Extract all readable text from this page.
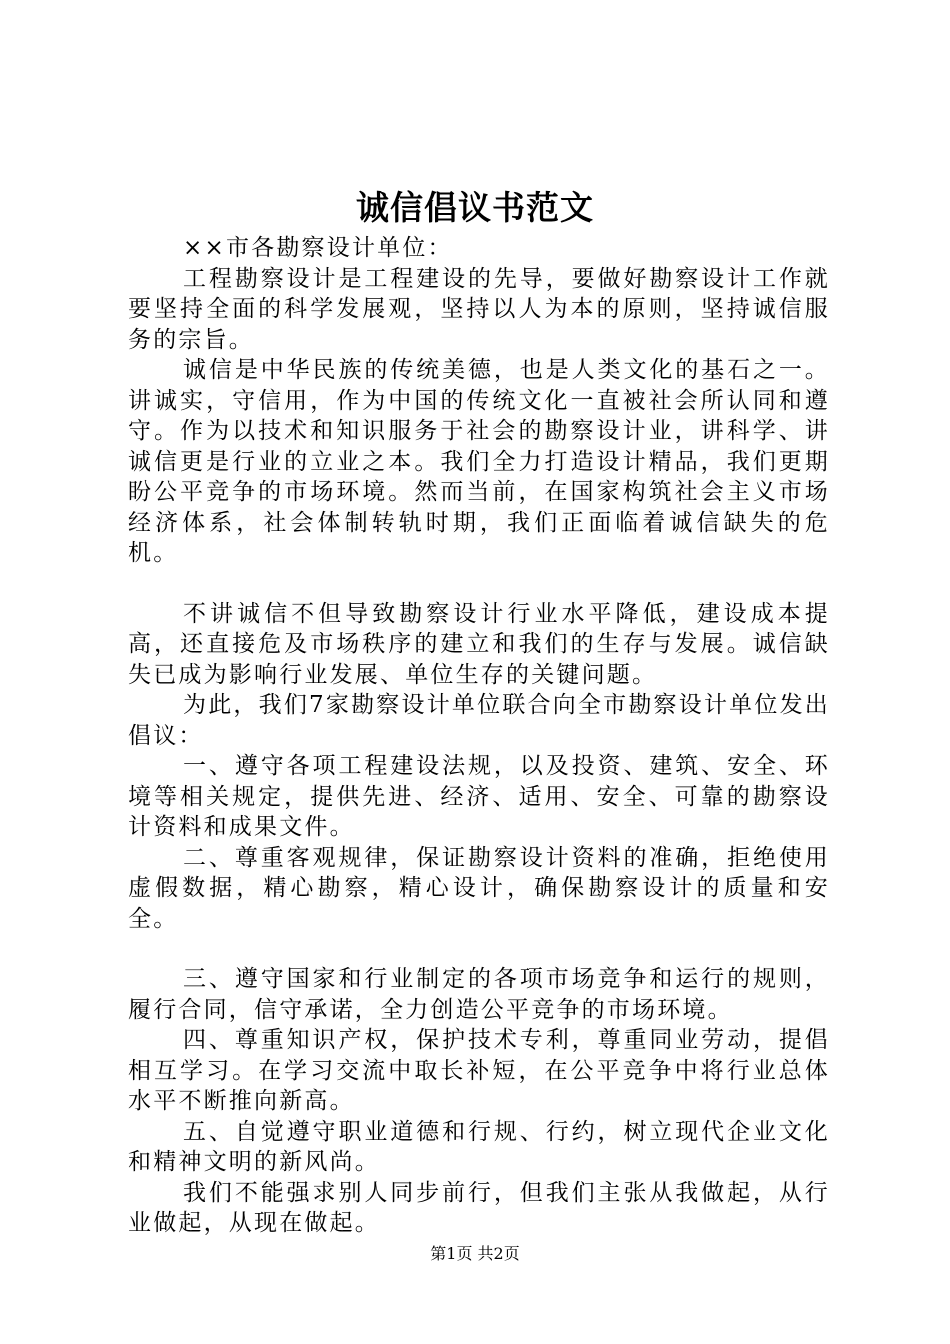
诚信倡议书范文

××市各勘察设计单位：

工程勘察设计是工程建设的先导，要做好勘察设计工作就要坚持全面的科学发展观，坚持以人为本的原则，坚持诚信服务的宗旨。

诚信是中华民族的传统美德，也是人类文化的基石之一。讲诚实，守信用，作为中国的传统文化一直被社会所认同和遵守。作为以技术和知识服务于社会的勘察设计业，讲科学、讲诚信更是行业的立业之本。我们全力打造设计精品，我们更期盼公平竞争的市场环境。然而当前，在国家构筑社会主义市场经济体系，社会体制转轨时期，我们正面临着诚信缺失的危机。

不讲诚信不但导致勘察设计行业水平降低，建设成本提高，还直接危及市场秩序的建立和我们的生存与发展。诚信缺失已成为影响行业发展、单位生存的关键问题。

为此，我们7家勘察设计单位联合向全市勘察设计单位发出倡议：

一、遵守各项工程建设法规，以及投资、建筑、安全、环境等相关规定，提供先进、经济、适用、安全、可靠的勘察设计资料和成果文件。

二、尊重客观规律，保证勘察设计资料的准确，拒绝使用虚假数据，精心勘察，精心设计，确保勘察设计的质量和安全。

三、遵守国家和行业制定的各项市场竞争和运行的规则，履行合同，信守承诺，全力创造公平竞争的市场环境。

四、尊重知识产权，保护技术专利，尊重同业劳动，提倡相互学习。在学习交流中取长补短，在公平竞争中将行业总体水平不断推向新高。

五、自觉遵守职业道德和行规、行约，树立现代企业文化和精神文明的新风尚。

我们不能强求别人同步前行，但我们主张从我做起，从行业做起，从现在做起。

第1页 共2页
